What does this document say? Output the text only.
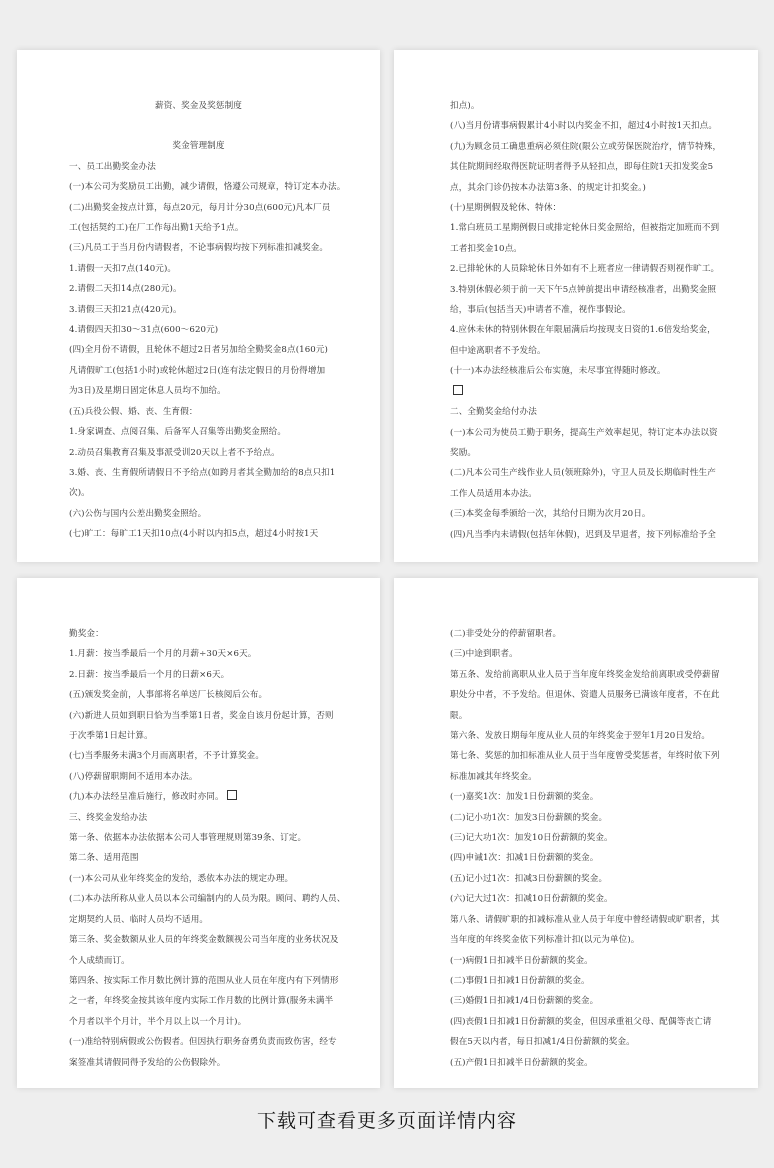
薪资、奖金及奖惩制度
奖金管理制度
一、员工出勤奖金办法
(一)本公司为奖励员工出勤，减少请假，恪遵公司规章，特订定本办法。
(二)出勤奖金按点计算，每点20元，每月计分30点(600元)凡本厂员
工(包括契约工)在厂工作每出勤1天给予1点。
(三)凡员工于当月份内请假者，不论事病假均按下列标准扣减奖金。
1.请假一天扣7点(140元)。
2.请假二天扣14点(280元)。
3.请假三天扣21点(420元)。
4.请假四天扣30～31点(600～620元)
(四)全月份不请假，且轮休不超过2日者另加给全勤奖金8点(160元)
凡请假旷工(包括1小时)或轮休超过2日(连有法定假日的月份得增加
为3日)及星期日固定休息人员均不加给。
(五)兵役公假、婚、丧、生育假：
1.身家调查、点阅召集、后备军人召集等出勤奖金照给。
2.动员召集教育召集及事派受训20天以上者不予给点。
3.婚、丧、生育假所请假日不予给点(如跨月者其全勤加给的8点只扣1
次)。
(六)公伤与国内公差出勤奖金照给。
(七)旷工：每旷工1天扣10点(4小时以内扣5点，超过4小时按1天
扣点)。
(八)当月份请事病假累计4小时以内奖金不扣，超过4小时按1天扣点。
(九)为顾念员工确患重病必须住院(限公立或劳保医院治疗，情节特殊，
其住院期间经取得医院证明者得予从轻扣点，即每住院1天扣发奖金5
点，其余门诊仍按本办法第3条、的规定计扣奖金。)
(十)星期例假及轮休、特休：
1.常白班员工星期例假日或排定轮休日奖金照给，但被指定加班而不到
工者扣奖金10点。
2.已排轮休的人员除轮休日外如有不上班者应一律请假否则视作旷工。
3.特别休假必须于前一天下午5点钟前提出申请经核准者，出勤奖金照
给，事后(包括当天)申请者不准，视作事假论。
4.应休未休的特别休假在年限届满后均按现支日资的1.6倍发给奖金，
但中途离职者不予发给。
(十一)本办法经核准后公布实施，未尽事宜得随时修改。
二、全勤奖金给付办法
(一)本公司为使员工勤于职务，提高生产效率起见，特订定本办法以资
奖励。
(二)凡本公司生产线作业人员(领班除外)，守卫人员及长期临时性生产
工作人员适用本办法。
(三)本奖金每季颁给一次，其给付日期为次月20日。
(四)凡当季内未请假(包括年休假)，迟到及早退者，按下列标准给予全
勤奖金：
1.月薪：按当季最后一个月的月薪÷30天×6天。
2.日薪：按当季最后一个月的日薪×6天。
(五)颁发奖金前，人事部将名单送厂长核阅后公布。
(六)新进人员如到职日恰为当季第1日者，奖金自该月份起计算，否则
于次季第1日起计算。
(七)当季服务未满3个月而离职者，不予计算奖金。
(八)停薪留职期间不适用本办法。
(九)本办法经呈准后施行，修改时亦同。
三、终奖金发给办法
第一条、依据本办法依据本公司人事管理规则第39条、订定。
第二条、适用范围
(一)本公司从业年终奖金的发给，悉依本办法的规定办理。
(二)本办法所称从业人员以本公司编制内的人员为限。顾问、聘约人员、
定期契约人员、临时人员均不适用。
第三条、奖金数额从业人员的年终奖金数额视公司当年度的业务状况及
个人成绩而订。
第四条、按实际工作月数比例计算的范围从业人员在年度内有下列情形
之一者，年终奖金按其该年度内实际工作月数的比例计算(服务未满半
个月者以半个月计，半个月以上以一个月计)。
(一)准给特别病假或公伤假者。但因执行职务奋勇负责而致伤害，经专
案签准其请假同得予发给的公伤假除外。
(二)非受处分的停薪留职者。
(三)中途到职者。
第五条、发给前离职从业人员于当年度年终奖金发给前离职或受停薪留
职处分中者，不予发给。但退休、资遣人员服务已满该年度者，不在此
限。
第六条、发放日期每年度从业人员的年终奖金于翌年1月20日发给。
第七条、奖惩的加扣标准从业人员于当年度曾受奖惩者，年终时依下列
标准加减其年终奖金。
(一)嘉奖1次：加发1日份薪额的奖金。
(二)记小功1次：加发3日份薪额的奖金。
(三)记大功1次：加发10日份薪额的奖金。
(四)申诫1次：扣减1日份薪额的奖金。
(五)记小过1次：扣减3日份薪额的奖金。
(六)记大过1次：扣减10日份薪额的奖金。
第八条、请假旷职的扣减标准从业人员于年度中曾经请假或旷职者，其
当年度的年终奖金依下列标准计扣(以元为单位)。
(一)病假1日扣减半日份薪额的奖金。
(二)事假1日扣减1日份薪额的奖金。
(三)婚假1日扣减1/4日份薪额的奖金。
(四)丧假1日扣减1日份薪额的奖金，但因承重祖父母、配偶等丧亡请
假在5天以内者，每日扣减1/4日份薪额的奖金。
(五)产假1日扣减半日份薪额的奖金。
下载可查看更多页面详情内容
